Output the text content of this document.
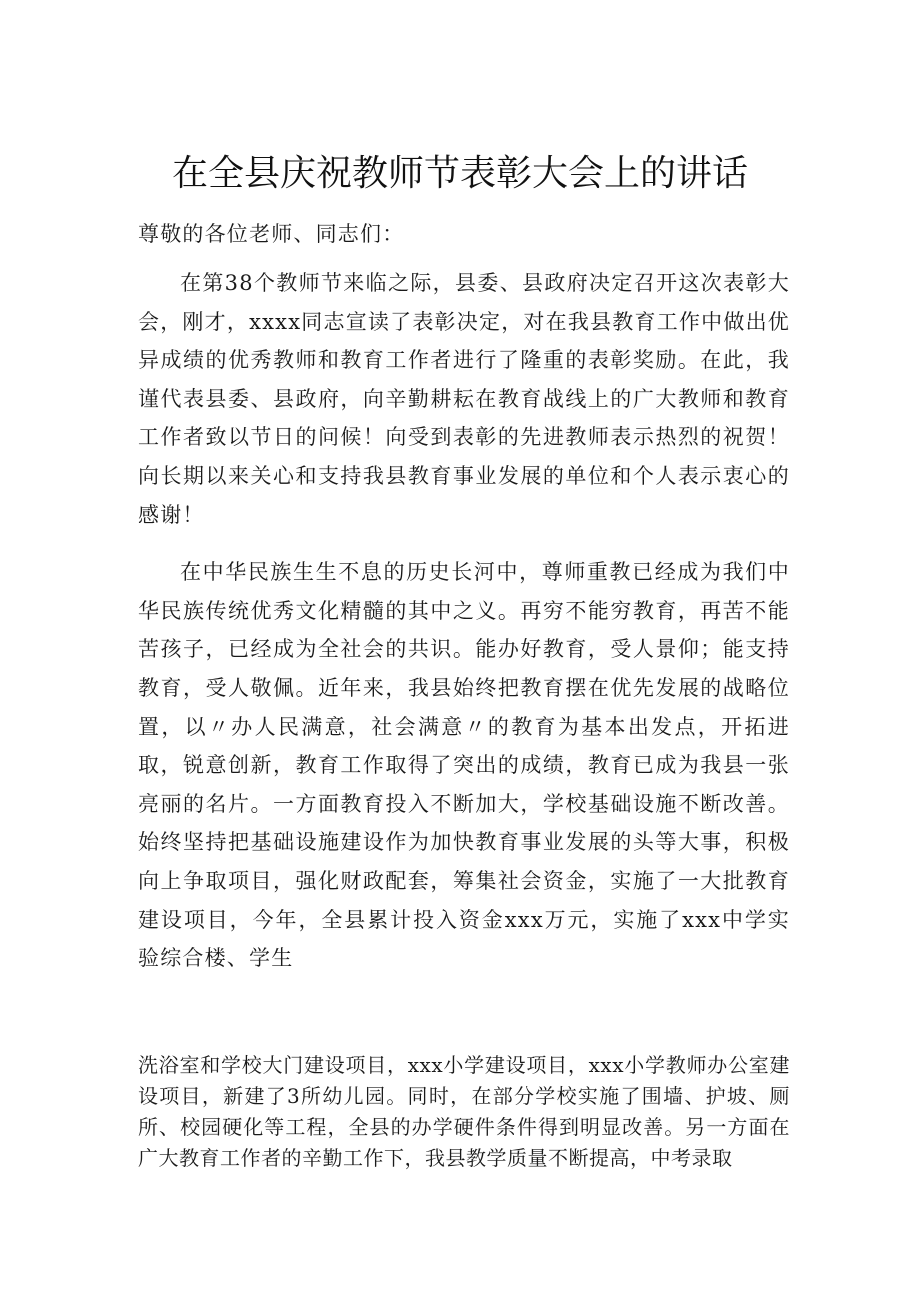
在全县庆祝教师节表彰大会上的讲话

尊敬的各位老师、同志们：

在第38个教师节来临之际，县委、县政府决定召开这次表彰大会，刚才，xxxx同志宣读了表彰决定，对在我县教育工作中做出优异成绩的优秀教师和教育工作者进行了隆重的表彰奖励。在此，我谨代表县委、县政府，向辛勤耕耘在教育战线上的广大教师和教育工作者致以节日的问候！向受到表彰的先进教师表示热烈的祝贺！向长期以来关心和支持我县教育事业发展的单位和个人表示衷心的感谢！

在中华民族生生不息的历史长河中，尊师重教已经成为我们中华民族传统优秀文化精髓的其中之义。再穷不能穷教育，再苦不能苦孩子，已经成为全社会的共识。能办好教育，受人景仰；能支持教育，受人敬佩。近年来，我县始终把教育摆在优先发展的战略位置，以〃办人民满意，社会满意〃的教育为基本出发点，开拓进取，锐意创新，教育工作取得了突出的成绩，教育已成为我县一张亮丽的名片。一方面教育投入不断加大，学校基础设施不断改善。始终坚持把基础设施建设作为加快教育事业发展的头等大事，积极向上争取项目，强化财政配套，筹集社会资金，实施了一大批教育建设项目，今年，全县累计投入资金xxx万元，实施了xxx中学实验综合楼、学生

洗浴室和学校大门建设项目，xxx小学建设项目，xxx小学教师办公室建设项目，新建了3所幼儿园。同时，在部分学校实施了围墙、护坡、厕所、校园硬化等工程，全县的办学硬件条件得到明显改善。另一方面在广大教育工作者的辛勤工作下，我县教学质量不断提高，中考录取
